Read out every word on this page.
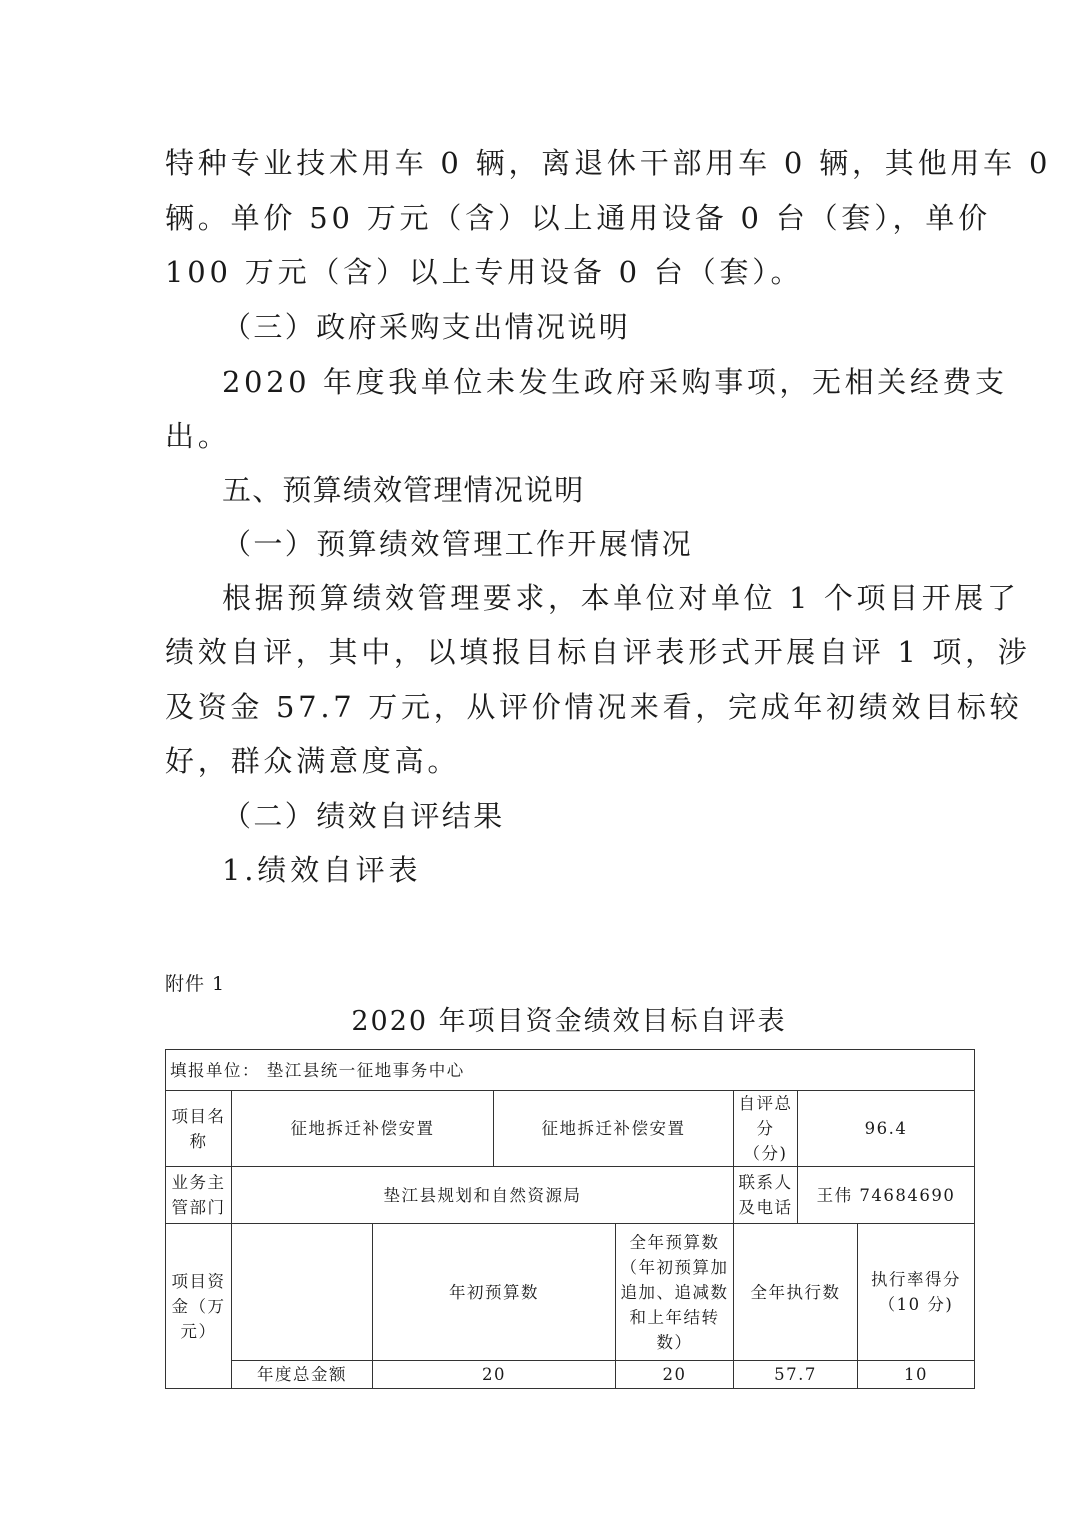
特种专业技术用车 0 辆，离退休干部用车 0 辆，其他用车 0
辆。单价 50 万元（含）以上通用设备 0 台（套），单价
100 万元（含）以上专用设备 0 台（套）。
（三）政府采购支出情况说明
2020 年度我单位未发生政府采购事项，无相关经费支
出。
五、预算绩效管理情况说明
（一）预算绩效管理工作开展情况
根据预算绩效管理要求，本单位对单位 1 个项目开展了
绩效自评，其中，以填报目标自评表形式开展自评 1 项，涉
及资金 57.7 万元，从评价情况来看，完成年初绩效目标较
好，群众满意度高。
（二）绩效自评结果
1.绩效自评表
附件 1
2020 年项目资金绩效目标自评表
填报单位： 垫江县统一征地事务中心							
项目名称	征地拆迁补偿安置		征地拆迁补偿安置		自评总分（分)	96.4	
业务主管部门	垫江县规划和自然资源局				联系人及电话	王伟 74684690	
项目资金（万元）		年初预算数		全年预算数（年初预算加追加、追减数和上年结转数）	全年执行数		执行率得分（10 分)
	年度总金额	20		20	57.7		10
